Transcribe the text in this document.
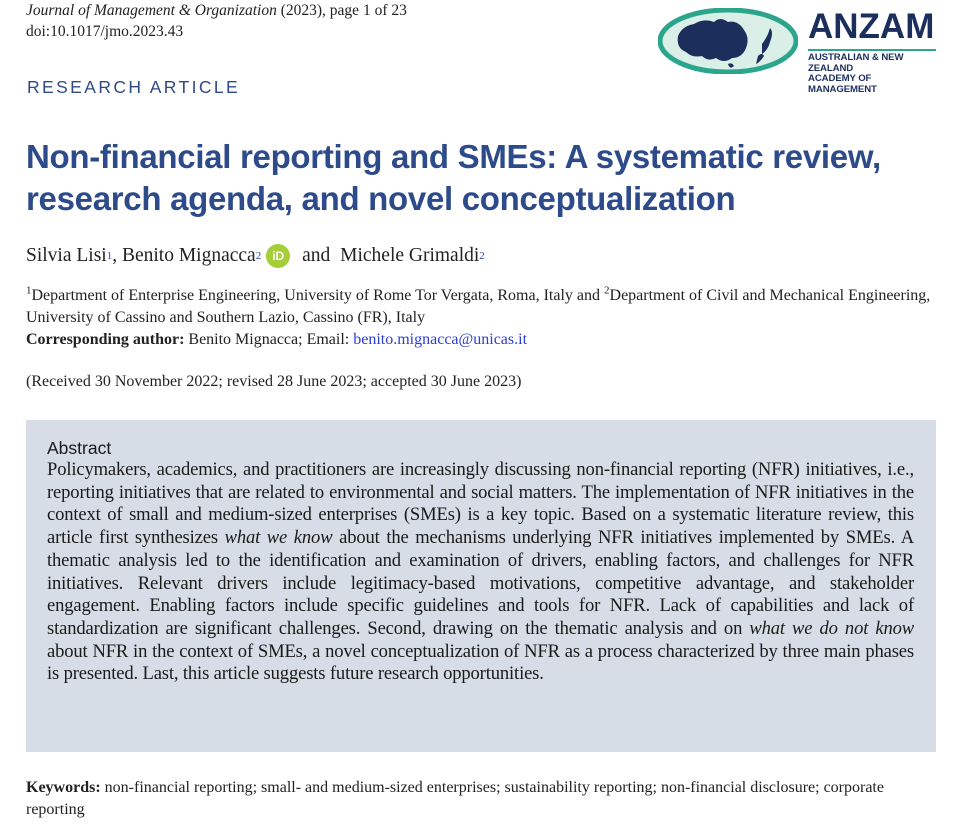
Journal of Management & Organization (2023), page 1 of 23
doi:10.1017/jmo.2023.43	ANZAM
AUSTRALIAN & NEW ZEALAND
ACADEMY OF MANAGEMENT
RESEARCH ARTICLE
Non-financial reporting and SMEs: A systematic review, research agenda, and novel conceptualization
Silvia Lisi 1 , Benito Mignacca 2 iD and Michele Grimaldi 2
$^1$Department of Enterprise Engineering, University of Rome Tor Vergata, Roma, Italy and $^2$Department of Civil and Mechanical Engineering, University of Cassino and Southern Lazio, Cassino (FR), Italy
Corresponding author: Benito Mignacca; Email: benito.mignacca@unicas.it
(Received 30 November 2022; revised 28 June 2023; accepted 30 June 2023)
Abstract
Policymakers, academics, and practitioners are increasingly discussing non-financial reporting (NFR) initiatives, i.e., reporting initiatives that are related to environmental and social matters. The implementation of NFR initiatives in the context of small and medium-sized enterprises (SMEs) is a key topic. Based on a systematic literature review, this article first synthesizes what we know about the mechanisms underlying NFR initiatives implemented by SMEs. A thematic analysis led to the identification and examination of drivers, enabling factors, and challenges for NFR initiatives. Relevant drivers include legitimacy-based motivations, competitive advantage, and stakeholder engagement. Enabling factors include specific guidelines and tools for NFR. Lack of capabilities and lack of standardization are significant challenges. Second, drawing on the thematic analysis and on what we do not know about NFR in the context of SMEs, a novel conceptualization of NFR as a process characterized by three main phases is presented. Last, this article suggests future research opportunities.
Keywords: non-financial reporting; small- and medium-sized enterprises; sustainability reporting; non-financial disclosure; corporate reporting
